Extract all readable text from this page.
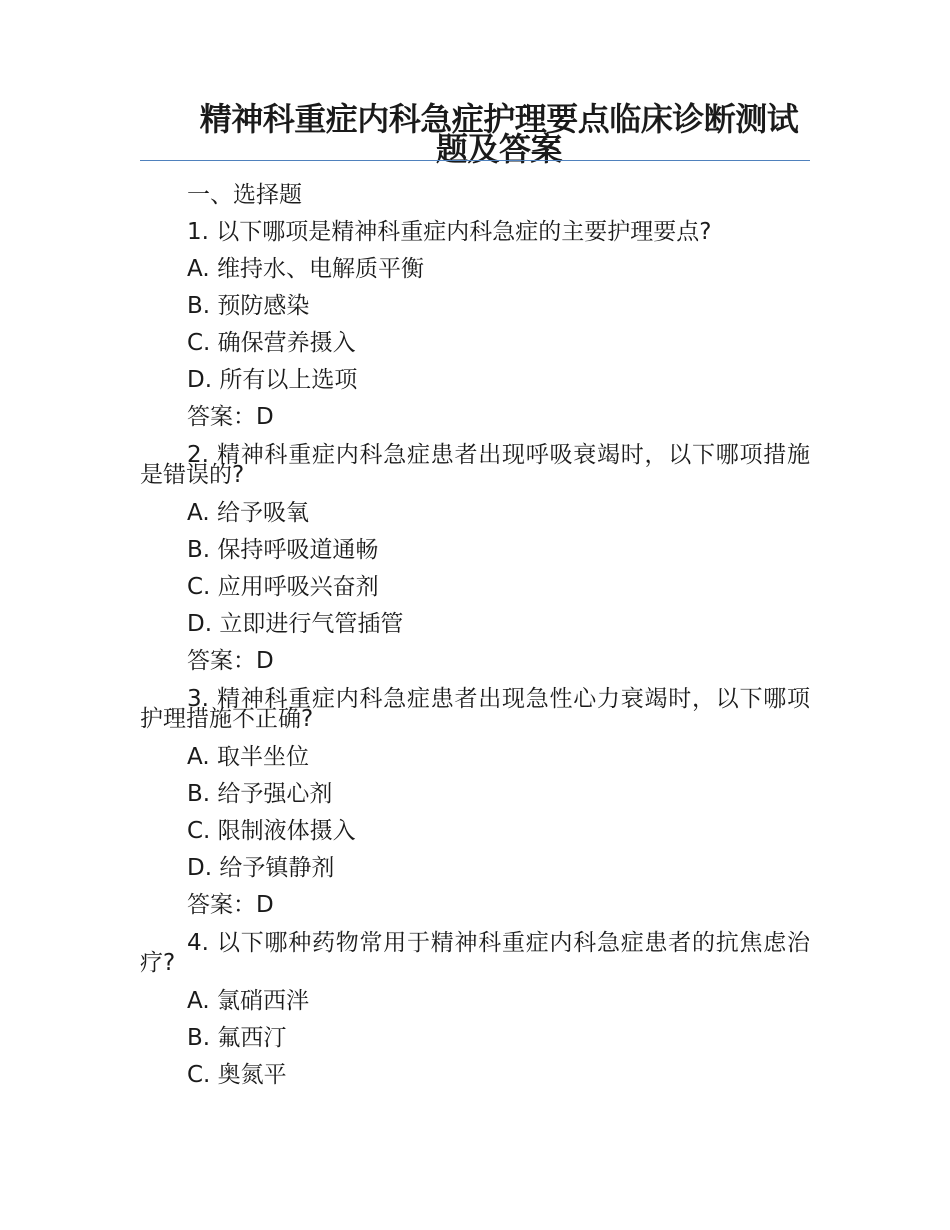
精神科重症内科急症护理要点临床诊断测试题及答案
一、选择题
1. 以下哪项是精神科重症内科急症的主要护理要点?
A. 维持水、电解质平衡
B. 预防感染
C. 确保营养摄入
D. 所有以上选项
答案：D
2. 精神科重症内科急症患者出现呼吸衰竭时，以下哪项措施是错误的?
A. 给予吸氧
B. 保持呼吸道通畅
C. 应用呼吸兴奋剂
D. 立即进行气管插管
答案：D
3. 精神科重症内科急症患者出现急性心力衰竭时，以下哪项护理措施不正确?
A. 取半坐位
B. 给予强心剂
C. 限制液体摄入
D. 给予镇静剂
答案：D
4. 以下哪种药物常用于精神科重症内科急症患者的抗焦虑治疗?
A. 氯硝西泮
B. 氟西汀
C. 奥氮平
